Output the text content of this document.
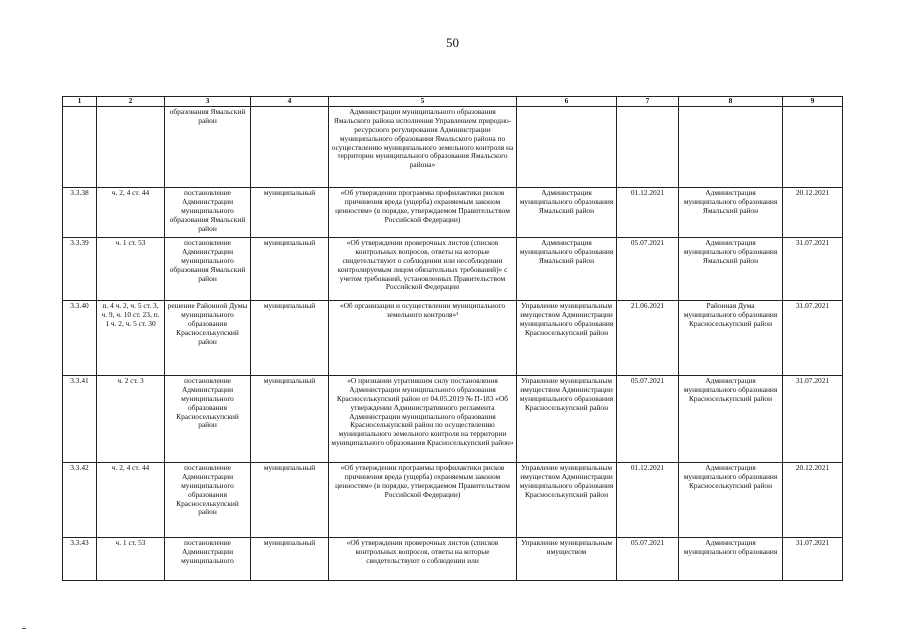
50
1	2	3	4	5	6	7	8	9
		образования Ямальский район		Администрации муниципального образования Ямальского района исполнения Управлением природно-ресурсного регулирования Администрации муниципального образования Ямальского района по осуществлению муниципального земельного контроля на территории муниципального образования Ямальского района»				
3.3.38	ч. 2, 4 ст. 44	постановление Администрации муниципального образования Ямальский район	муниципальный	«Об утверждении программы профилактики рисков причинения вреда (ущерба) охраняемым законом ценностям» (в порядке, утверждаемом Правительством Российской Федерации)	Администрация муниципального образования Ямальский район	01.12.2021	Администрация муниципального образования Ямальский район	20.12.2021
3.3.39	ч. 1 ст. 53	постановление Администрации муниципального образования Ямальский район	муниципальный	«Об утверждении проверочных листов (списков контрольных вопросов, ответы на которые свидетельствуют о соблюдении или несоблюдении контролируемым лицом обязательных требований)» с учетом требований, установленных Правительством Российской Федерации	Администрация муниципального образования Ямальский район	05.07.2021	Администрация муниципального образования Ямальский район	31.07.2021
3.3.40	п. 4 ч. 2, ч. 5 ст. 3, ч. 9, ч. 10 ст. 23, п. 1 ч. 2, ч. 5 ст. 30	решение Районной Думы муниципального образования Красноселькупский район	муниципальный	«Об организации и осуществлении муниципального земельного контроля»¹	Управление муниципальным имуществом Администрации муниципального образования Красноселькупский район	21.06.2021	Районная Дума муниципального образования Красноселькупский район	31.07.2021
3.3.41	ч. 2 ст. 3	постановление Администрации муниципального образования Красноселькупский район	муниципальный	«О признании утратившим силу постановления Администрации муниципального образования Красноселькупский район от 04.05.2019 № П-183 «Об утверждении Административного регламента Администрации муниципального образования Красноселькупский район по осуществлению муниципального земельного контроля на территории муниципального образования Красноселькупский район»	Управление муниципальным имуществом Администрации муниципального образования Красноселькупский район	05.07.2021	Администрация муниципального образования Красноселькупский район	31.07.2021
3.3.42	ч. 2, 4 ст. 44	постановление Администрации муниципального образования Красноселькупский район	муниципальный	«Об утверждении программы профилактики рисков причинения вреда (ущерба) охраняемым законом ценностям» (в порядке, утверждаемом Правительством Российской Федерации)	Управление муниципальным имуществом Администрации муниципального образования Красноселькупский район	01.12.2021	Администрация муниципального образования Красноселькупский район	20.12.2021
3.3.43	ч. 1 ст. 53	постановление Администрации муниципального	муниципальный	«Об утверждении проверочных листов (списков контрольных вопросов, ответы на которые свидетельствуют о соблюдении или	Управление муниципальным имуществом	05.07.2021	Администрация муниципального образования	31.07.2021
